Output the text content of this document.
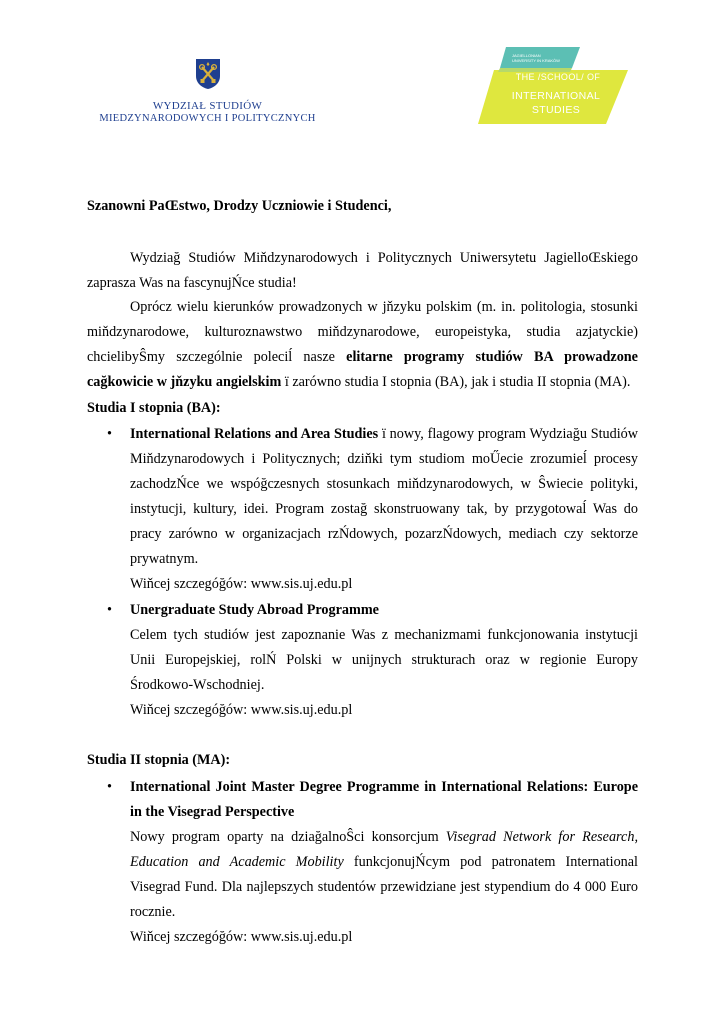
WYDZIAŁ STUDIÓW
MIEDZYNARODOWYCH I POLITYCZNYCH
JAGIELLONIAN UNIVERSITY IN KRAKÓW
THE /SCHOOL/ OF
INTERNATIONAL
STUDIES
Szanowni PaŒstwo, Drodzy Uczniowie i Studenci,
Wydziağ Studiów Miňdzynarodowych i Politycznych Uniwersytetu JagielloŒskiego zaprasza Was na fascynujŃce studia!
Oprócz wielu kierunków prowadzonych w jňzyku polskim (m. in. politologia, stosunki miňdzynarodowe, kulturoznawstwo miňdzynarodowe, europeistyka, studia azjatyckie) chcielibyŜmy szczególnie poleciĺ nasze elitarne programy studiów BA prowadzone cağkowicie w jňzyku angielskim ï zarówno studia I stopnia (BA), jak i studia II stopnia (MA).
Studia I stopnia (BA):
• International Relations and Area Studies ï nowy, flagowy program Wydziağu Studiów Miňdzynarodowych i Politycznych; dziňki tym studiom moŰecie zrozumieĺ procesy zachodzŃce we wspóğczesnych stosunkach miňdzynarodowych, w Ŝwiecie polityki, instytucji, kultury, idei. Program zostağ skonstruowany tak, by przygotowaĺ Was do pracy zarówno w organizacjach rzŃdowych, pozarzŃdowych, mediach czy sektorze prywatnym.
Wiňcej szczegóğów: www.sis.uj.edu.pl
• Unergraduate Study Abroad Programme
Celem tych studiów jest zapoznanie Was z mechanizmami funkcjonowania instytucji Unii Europejskiej, rolŃ Polski w unijnych strukturach oraz w regionie Europy Środkowo-Wschodniej.
Wiňcej szczegóğów: www.sis.uj.edu.pl
Studia II stopnia (MA):
• International Joint Master Degree Programme in International Relations: Europe in the Visegrad Perspective
Nowy program oparty na dziağalnoŜci konsorcjum Visegrad Network for Research, Education and Academic Mobility funkcjonujŃcym pod patronatem International Visegrad Fund. Dla najlepszych studentów przewidziane jest stypendium do 4 000 Euro rocznie.
Wiňcej szczegóğów: www.sis.uj.edu.pl
